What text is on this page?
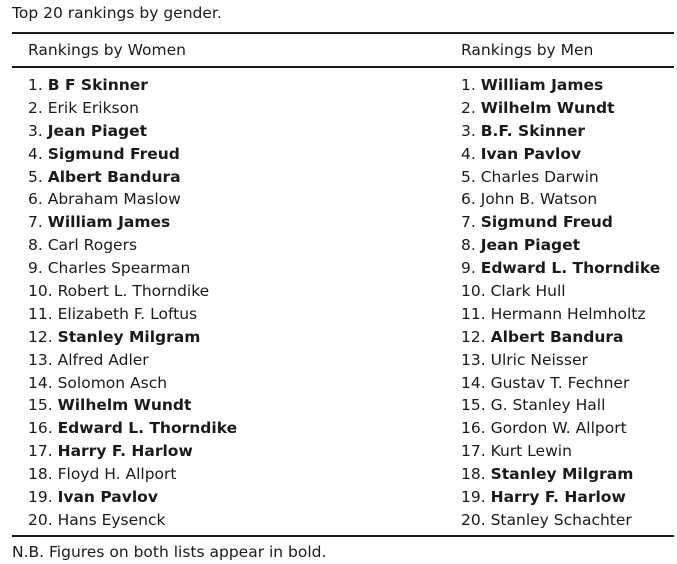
Top 20 rankings by gender.
Rankings by Women	Rankings by Men
1. B F Skinner
2. Erik Erikson
3. Jean Piaget
4. Sigmund Freud
5. Albert Bandura
6. Abraham Maslow
7. William James
8. Carl Rogers
9. Charles Spearman
10. Robert L. Thorndike
11. Elizabeth F. Loftus
12. Stanley Milgram
13. Alfred Adler
14. Solomon Asch
15. Wilhelm Wundt
16. Edward L. Thorndike
17. Harry F. Harlow
18. Floyd H. Allport
19. Ivan Pavlov
20. Hans Eysenck
1. William James
2. Wilhelm Wundt
3. B.F. Skinner
4. Ivan Pavlov
5. Charles Darwin
6. John B. Watson
7. Sigmund Freud
8. Jean Piaget
9. Edward L. Thorndike
10. Clark Hull
11. Hermann Helmholtz
12. Albert Bandura
13. Ulric Neisser
14. Gustav T. Fechner
15. G. Stanley Hall
16. Gordon W. Allport
17. Kurt Lewin
18. Stanley Milgram
19. Harry F. Harlow
20. Stanley Schachter
N.B. Figures on both lists appear in bold.
